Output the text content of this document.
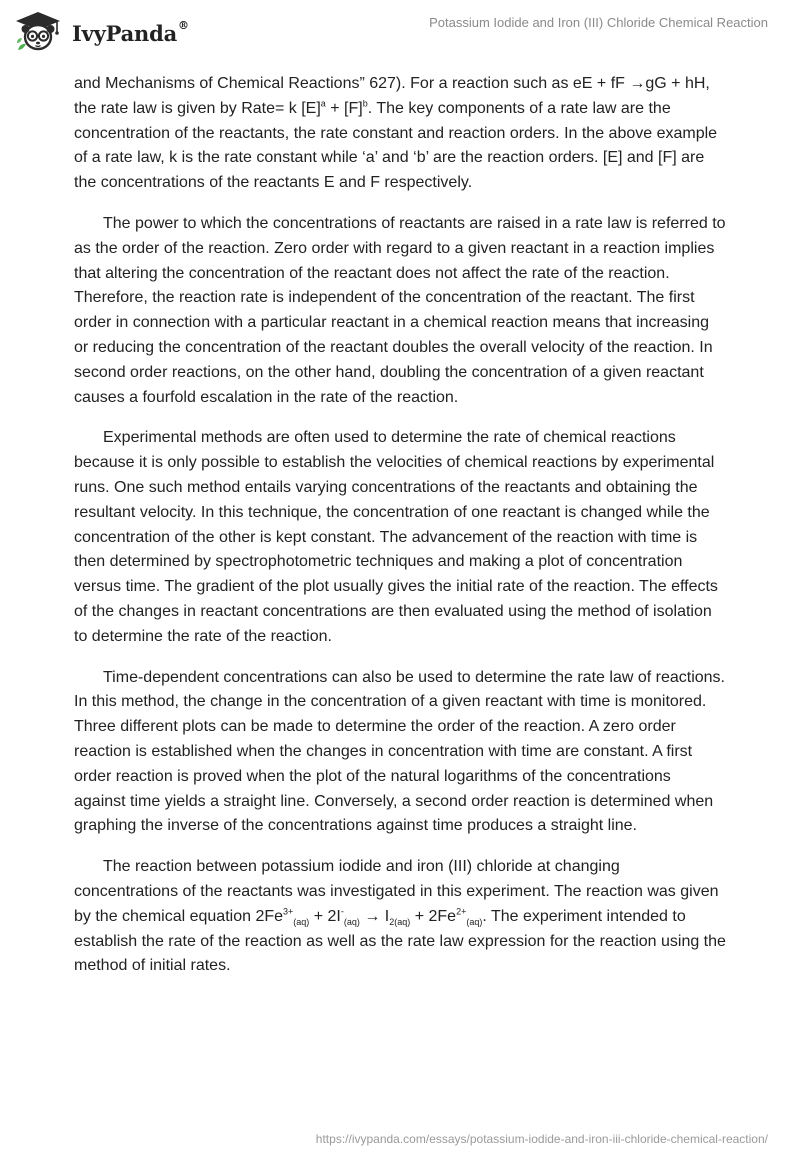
IvyPanda®	Potassium Iodide and Iron (III) Chloride Chemical Reaction

and Mechanisms of Chemical Reactions” 627). For a reaction such as eE + fF →gG + hH, the rate law is given by Rate= k $[E]^a + [F]^b$. The key components of a rate law are the concentration of the reactants, the rate constant and reaction orders. In the above example of a rate law, k is the rate constant while ‘a’ and ‘b’ are the reaction orders. [E] and [F] are the concentrations of the reactants E and F respectively.

The power to which the concentrations of reactants are raised in a rate law is referred to as the order of the reaction. Zero order with regard to a given reactant in a reaction implies that altering the concentration of the reactant does not affect the rate of the reaction. Therefore, the reaction rate is independent of the concentration of the reactant. The first order in connection with a particular reactant in a chemical reaction means that increasing or reducing the concentration of the reactant doubles the overall velocity of the reaction. In second order reactions, on the other hand, doubling the concentration of a given reactant causes a fourfold escalation in the rate of the reaction.

Experimental methods are often used to determine the rate of chemical reactions because it is only possible to establish the velocities of chemical reactions by experimental runs. One such method entails varying concentrations of the reactants and obtaining the resultant velocity. In this technique, the concentration of one reactant is changed while the concentration of the other is kept constant. The advancement of the reaction with time is then determined by spectrophotometric techniques and making a plot of concentration versus time. The gradient of the plot usually gives the initial rate of the reaction. The effects of the changes in reactant concentrations are then evaluated using the method of isolation to determine the rate of the reaction.

Time-dependent concentrations can also be used to determine the rate law of reactions. In this method, the change in the concentration of a given reactant with time is monitored. Three different plots can be made to determine the order of the reaction. A zero order reaction is established when the changes in concentration with time are constant. A first order reaction is proved when the plot of the natural logarithms of the concentrations against time yields a straight line. Conversely, a second order reaction is determined when graphing the inverse of the concentrations against time produces a straight line.

The reaction between potassium iodide and iron (III) chloride at changing concentrations of the reactants was investigated in this experiment. The reaction was given by the chemical equation $2Fe^{3+}_{(aq)} + 2I^-_{(aq)} \to I_{2(aq)} + 2Fe^{2+}_{(aq)}$. The experiment intended to establish the rate of the reaction as well as the rate law expression for the reaction using the method of initial rates.

https://ivypanda.com/essays/potassium-iodide-and-iron-iii-chloride-chemical-reaction/
